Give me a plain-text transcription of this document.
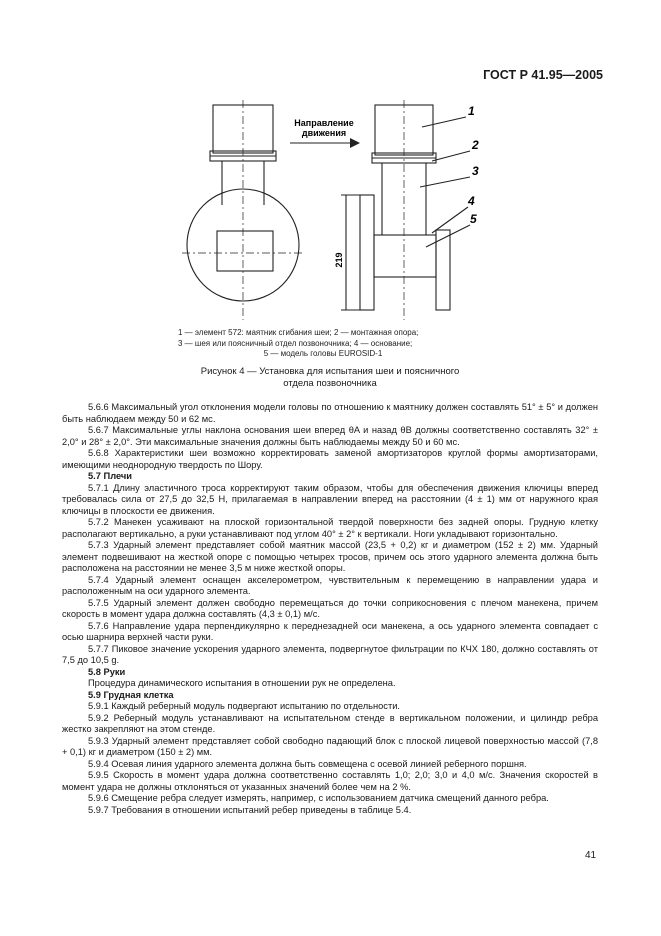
ГОСТ Р 41.95—2005
Направление
движения
219
1
2
3
4
5
1 — элемент 572: маятник сгибания шеи; 2 — монтажная опора;
3 — шея или поясничный отдел позвоночника; 4 — основание;
5 — модель головы EUROSID-1
Рисунок 4 — Установка для испытания шеи и поясничного
отдела позвоночника

5.6.6 Максимальный угол отклонения модели головы по отношению к маятнику должен составлять 51° ± 5° и должен быть наблюдаем между 50 и 62 мс.

5.6.7 Максимальные углы наклона основания шеи вперед θA и назад θB должны соответственно составлять 32° ± 2,0° и 28° ± 2,0°. Эти максимальные значения должны быть наблюдаемы между 50 и 60 мс.

5.6.8 Характеристики шеи возможно корректировать заменой амортизаторов круглой формы амортизаторами, имеющими неоднородную твердость по Шору.

5.7 Плечи

5.7.1 Длину эластичного троса корректируют таким образом, чтобы для обеспечения движения ключицы вперед требовалась сила от 27,5 до 32,5 Н, прилагаемая в направлении вперед на расстоянии (4 ± 1) мм от наружного края ключицы в плоскости ее движения.

5.7.2 Манекен усаживают на плоской горизонтальной твердой поверхности без задней опоры. Грудную клетку располагают вертикально, а руки устанавливают под углом 40° ± 2° к вертикали. Ноги укладывают горизонтально.

5.7.3 Ударный элемент представляет собой маятник массой (23,5 + 0,2) кг и диаметром (152 ± 2) мм. Ударный элемент подвешивают на жесткой опоре с помощью четырех тросов, причем ось этого ударного элемента должна быть расположена на расстоянии не менее 3,5 м ниже жесткой опоры.

5.7.4 Ударный элемент оснащен акселерометром, чувствительным к перемещению в направлении удара и расположенным на оси ударного элемента.

5.7.5 Ударный элемент должен свободно перемещаться до точки соприкосновения с плечом манекена, причем скорость в момент удара должна составлять (4,3 ± 0,1) м/с.

5.7.6 Направление удара перпендикулярно к переднезадней оси манекена, а ось ударного элемента совпадает с осью шарнира верхней части руки.

5.7.7 Пиковое значение ускорения ударного элемента, подвергнутое фильтрации по КЧХ 180, должно составлять от 7,5 до 10,5 g.

5.8 Руки

Процедура динамического испытания в отношении рук не определена.

5.9 Грудная клетка

5.9.1 Каждый реберный модуль подвергают испытанию по отдельности.

5.9.2 Реберный модуль устанавливают на испытательном стенде в вертикальном положении, и цилиндр ребра жестко закрепляют на этом стенде.

5.9.3 Ударный элемент представляет собой свободно падающий блок с плоской лицевой поверхностью массой (7,8 + 0,1) кг и диаметром (150 ± 2) мм.

5.9.4 Осевая линия ударного элемента должна быть совмещена с осевой линией реберного поршня.

5.9.5 Скорость в момент удара должна соответственно составлять 1,0; 2,0; 3,0 и 4,0 м/с. Значения скоростей в момент удара не должны отклоняться от указанных значений более чем на 2 %.

5.9.6 Смещение ребра следует измерять, например, с использованием датчика смещений данного ребра.

5.9.7 Требования в отношении испытаний ребер приведены в таблице 5.4.

41
